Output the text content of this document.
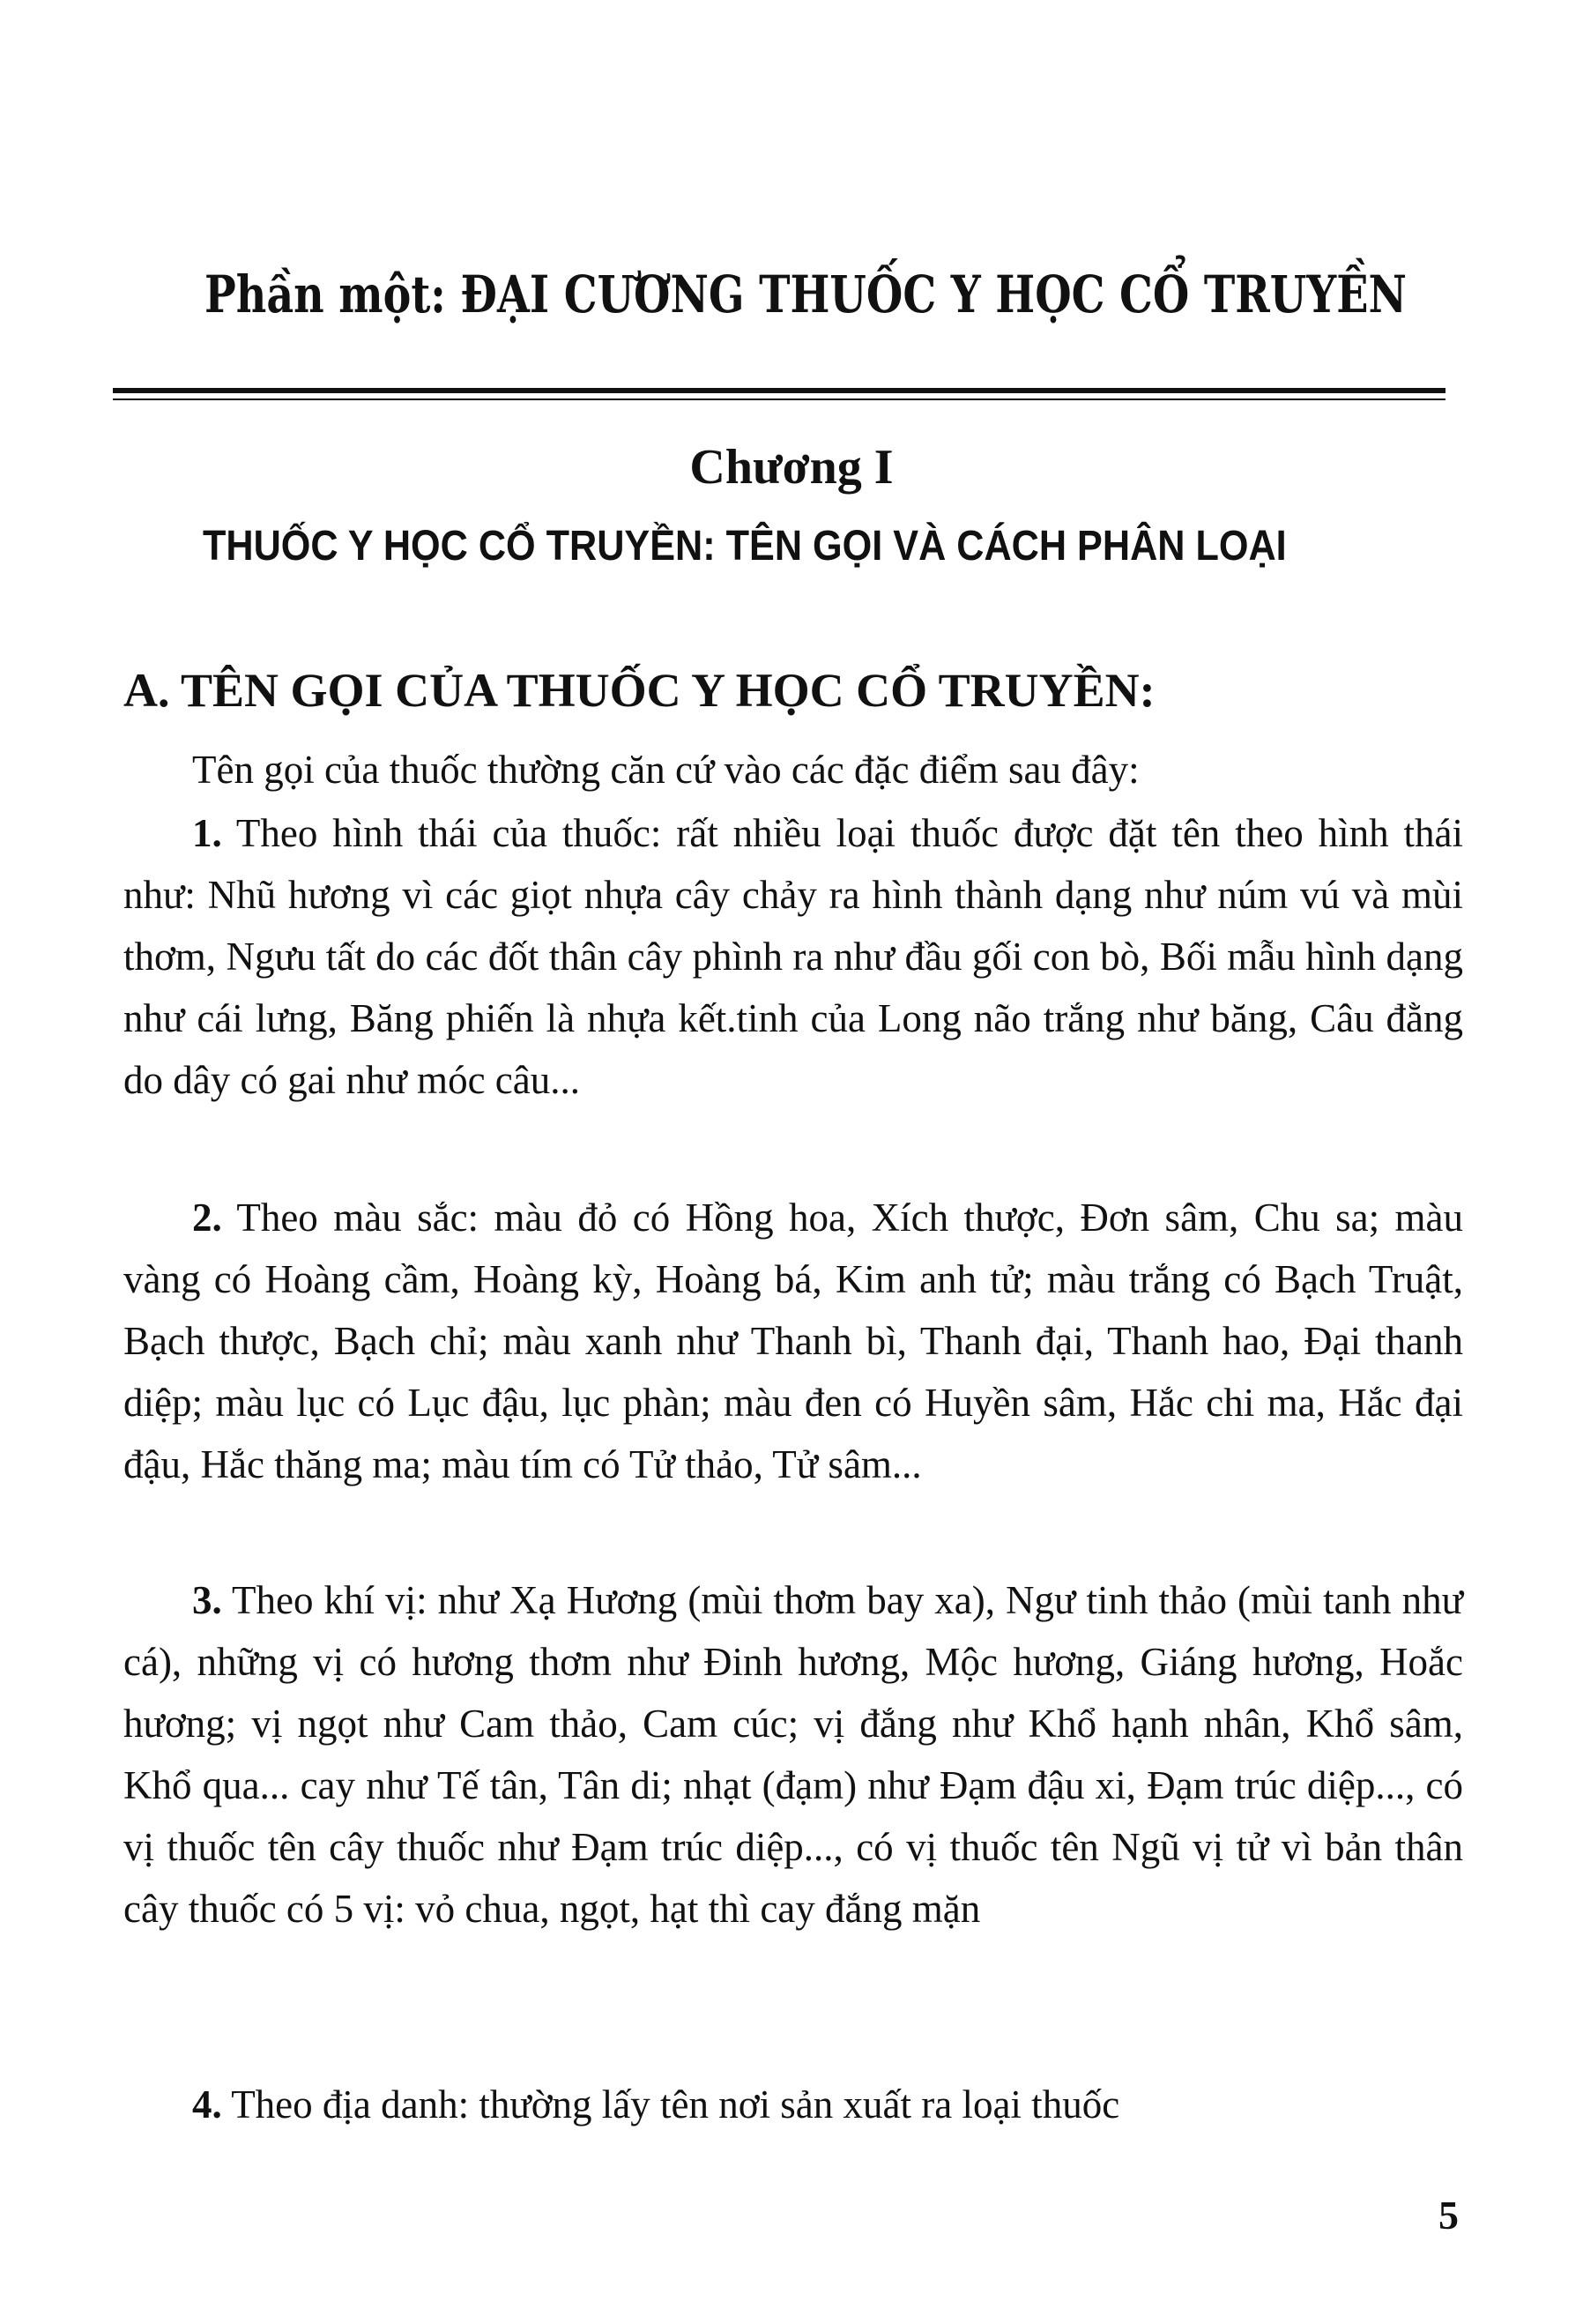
Phần một: ĐẠI CƯƠNG THUỐC Y HỌC CỔ TRUYỀN
Chương I
THUỐC Y HỌC CỔ TRUYỀN: TÊN GỌI VÀ CÁCH PHÂN LOẠI
A. TÊN GỌI CỦA THUỐC Y HỌC CỔ TRUYỀN:

Tên gọi của thuốc thường căn cứ vào các đặc điểm sau đây:

1. Theo hình thái của thuốc: rất nhiều loại thuốc được đặt tên theo hình thái như: Nhũ hương vì các giọt nhựa cây chảy ra hình thành dạng như núm vú và mùi thơm, Ngưu tất do các đốt thân cây phình ra như đầu gối con bò, Bối mẫu hình dạng như cái lưng, Băng phiến là nhựa kết.tinh của Long não trắng như băng, Câu đằng do dây có gai như móc câu...

2. Theo màu sắc: màu đỏ có Hồng hoa, Xích thược, Đơn sâm, Chu sa; màu vàng có Hoàng cầm, Hoàng kỳ, Hoàng bá, Kim anh tử; màu trắng có Bạch Truật, Bạch thược, Bạch chỉ; màu xanh như Thanh bì, Thanh đại, Thanh hao, Đại thanh diệp; màu lục có Lục đậu, lục phàn; màu đen có Huyền sâm, Hắc chi ma, Hắc đại đậu, Hắc thăng ma; màu tím có Tử thảo, Tử sâm...

3. Theo khí vị: như Xạ Hương (mùi thơm bay xa), Ngư tinh thảo (mùi tanh như cá), những vị có hương thơm như Đinh hương, Mộc hương, Giáng hương, Hoắc hương; vị ngọt như Cam thảo, Cam cúc; vị đắng như Khổ hạnh nhân, Khổ sâm, Khổ qua... cay như Tế tân, Tân di; nhạt (đạm) như Đạm đậu xi, Đạm trúc diệp..., có vị thuốc tên cây thuốc như Đạm trúc diệp..., có vị thuốc tên Ngũ vị tử vì bản thân cây thuốc có 5 vị: vỏ chua, ngọt, hạt thì cay đắng mặn

4. Theo địa danh: thường lấy tên nơi sản xuất ra loại thuốc

5
